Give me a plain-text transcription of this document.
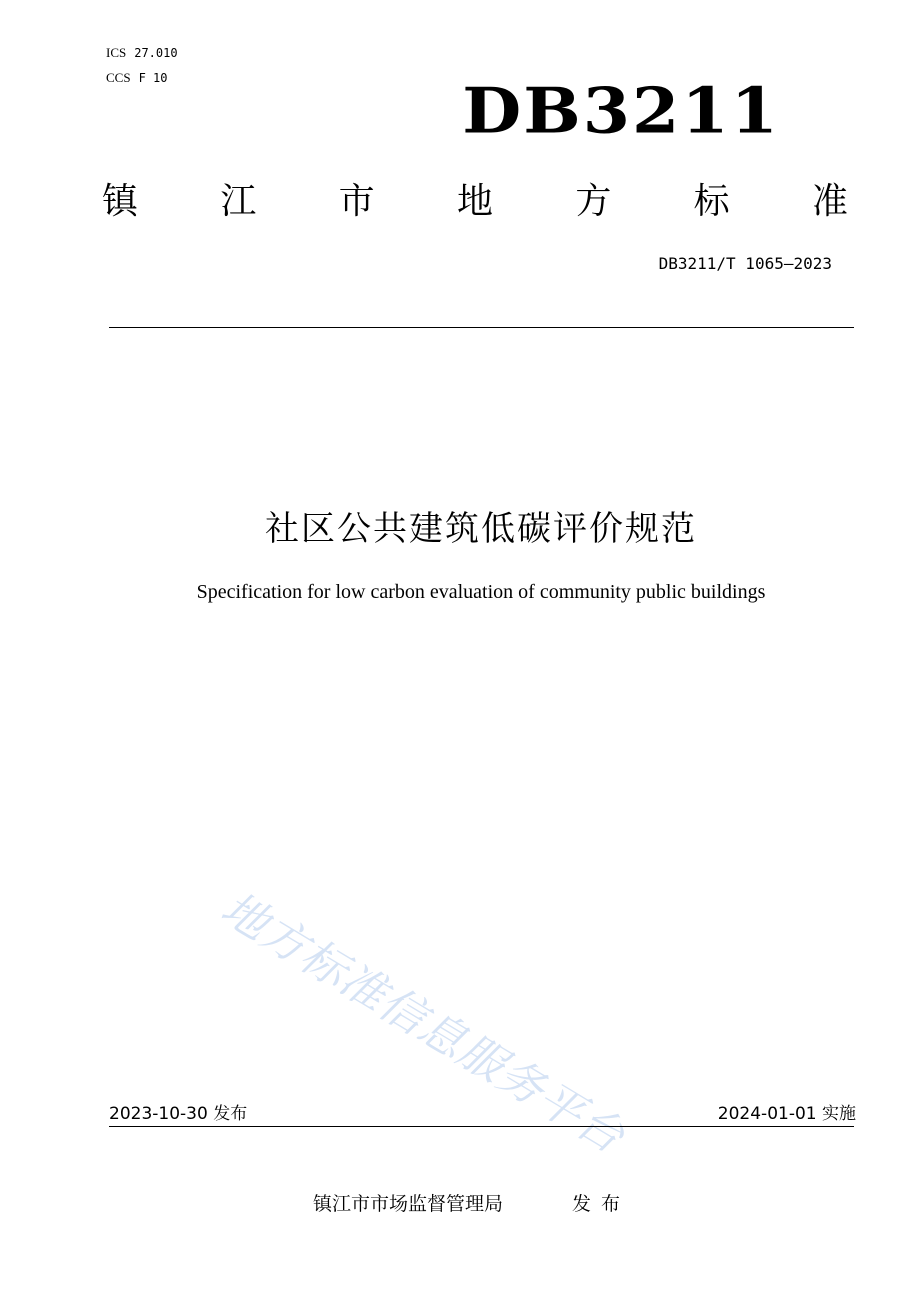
ICS 27.010
CCS F 10	DB3211
镇 江 市 地 方 标 准
DB3211/T 1065—2023
社区公共建筑低碳评价规范
Specification for low carbon evaluation of community public buildings
地方标准信息服务平台
2023-10-30 发布	2024-01-01 实施
镇江市市场监督管理局	发布
